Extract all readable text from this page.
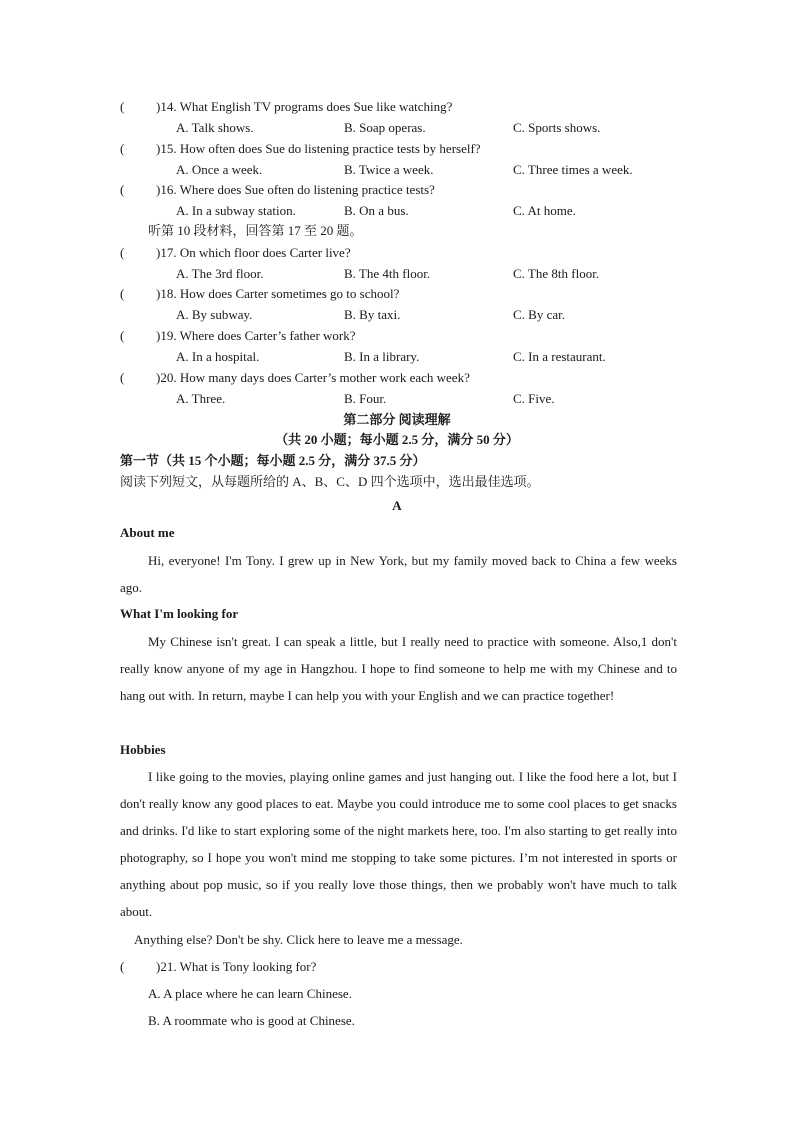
( )14. What English TV programs does Sue like watching?
A. Talk shows.	B. Soap operas.	C. Sports shows.
( )15. How often does Sue do listening practice tests by herself?
A. Once a week.	B. Twice a week.	C. Three times a week.
( )16. Where does Sue often do listening practice tests?
A. In a subway station.	B. On a bus.	C. At home.
听第 10 段材料，回答第 17 至 20 题。
( )17. On which floor does Carter live?
A. The 3rd floor.	B. The 4th floor.	C. The 8th floor.
( )18. How does Carter sometimes go to school?
A. By subway.	B. By taxi.	C. By car.
( )19. Where does Carter’s father work?
A. In a hospital.	B. In a library.	C. In a restaurant.
( )20. How many days does Carter’s mother work each week?
A. Three.	B. Four.	C. Five.
第二部分 阅读理解
（共 20 小题；每小题 2.5 分，满分 50 分）
第一节（共 15 个小题；每小题 2.5 分，满分 37.5 分）
阅读下列短文，从每题所给的 A、B、C、D 四个选项中，选出最佳选项。
A
About me
Hi, everyone! I'm Tony. I grew up in New York, but my family moved back to China a few weeks ago.
What I'm looking for
My Chinese isn't great. I can speak a little, but I really need to practice with someone. Also,1 don't really know anyone of my age in Hangzhou. I hope to find someone to help me with my Chinese and to hang out with. In return, maybe I can help you with your English and we can practice together!
Hobbies
I like going to the movies, playing online games and just hanging out. I like the food here a lot, but I don't really know any good places to eat. Maybe you could introduce me to some cool places to get snacks and drinks. I'd like to start exploring some of the night markets here, too. I'm also starting to get really into photography, so I hope you won't mind me stopping to take some pictures. I’m not interested in sports or anything about pop music, so if you really love those things, then we probably won't have much to talk about.
Anything else? Don't be shy. Click here to leave me a message.
( )21. What is Tony looking for?
A. A place where he can learn Chinese.
B. A roommate who is good at Chinese.
